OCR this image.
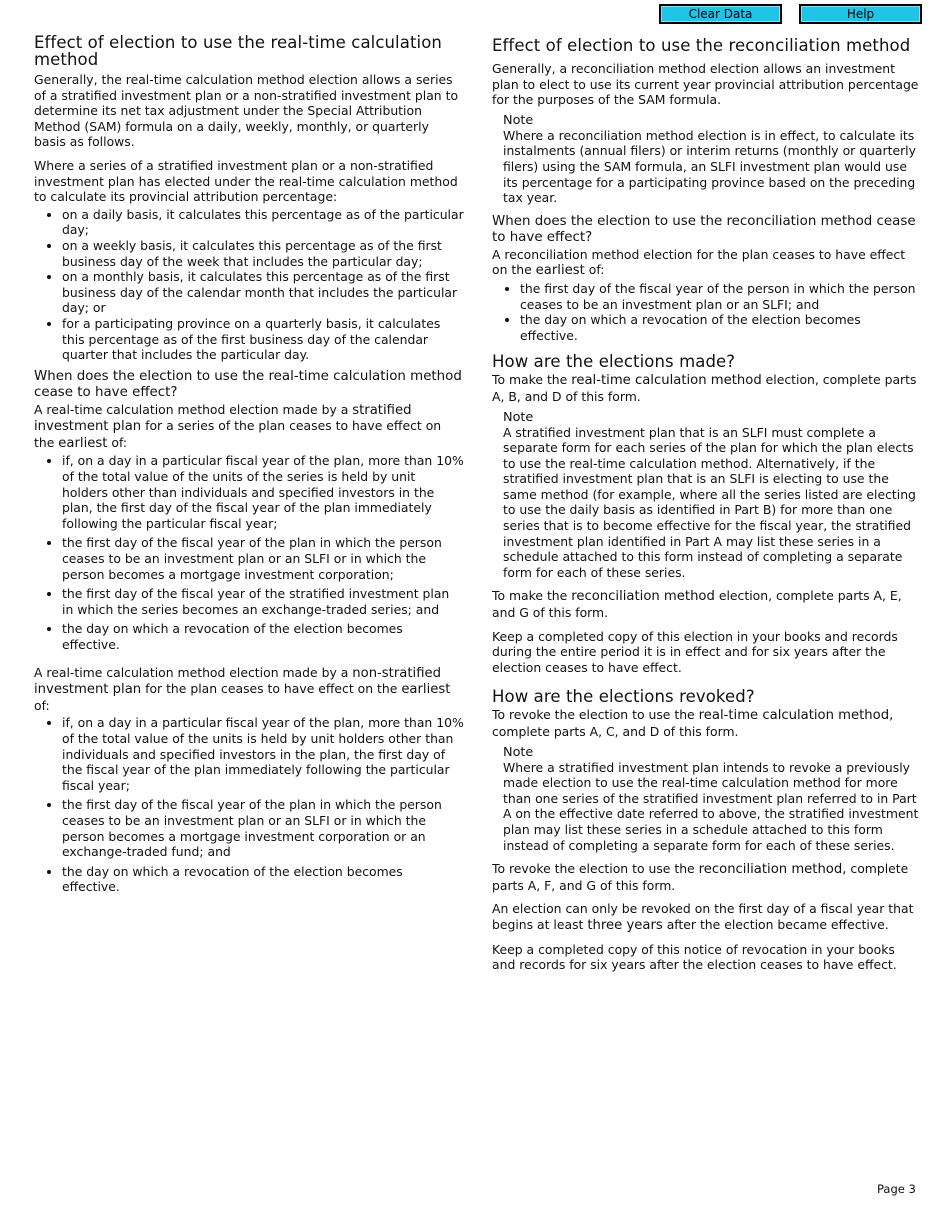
Clear Data	Help
Effect of election to use the real-time calculation method

Generally, the real-time calculation method election allows a series of a stratified investment plan or a non-stratified investment plan to determine its net tax adjustment under the Special Attribution Method (SAM) formula on a daily, weekly, monthly, or quarterly basis as follows.

Where a series of a stratified investment plan or a non-stratified investment plan has elected under the real-time calculation method to calculate its provincial attribution percentage:

• on a daily basis, it calculates this percentage as of the particular day;
• on a weekly basis, it calculates this percentage as of the first business day of the week that includes the particular day;
• on a monthly basis, it calculates this percentage as of the first business day of the calendar month that includes the particular day; or
• for a participating province on a quarterly basis, it calculates this percentage as of the first business day of the calendar quarter that includes the particular day.
When does the election to use the real-time calculation method cease to have effect?

A real-time calculation method election made by a stratified investment plan for a series of the plan ceases to have effect on the earliest of:

• if, on a day in a particular fiscal year of the plan, more than 10% of the total value of the units of the series is held by unit holders other than individuals and specified investors in the plan, the first day of the fiscal year of the plan immediately following the particular fiscal year;
• the first day of the fiscal year of the plan in which the person ceases to be an investment plan or an SLFI or in which the person becomes a mortgage investment corporation;
• the first day of the fiscal year of the stratified investment plan in which the series becomes an exchange-traded series; and
• the day on which a revocation of the election becomes effective.

A real-time calculation method election made by a non-stratified investment plan for the plan ceases to have effect on the earliest of:

• if, on a day in a particular fiscal year of the plan, more than 10% of the total value of the units is held by unit holders other than individuals and specified investors in the plan, the first day of the fiscal year of the plan immediately following the particular fiscal year;
• the first day of the fiscal year of the plan in which the person ceases to be an investment plan or an SLFI or in which the person becomes a mortgage investment corporation or an exchange-traded fund; and
• the day on which a revocation of the election becomes effective.
Effect of election to use the reconciliation method

Generally, a reconciliation method election allows an investment plan to elect to use its current year provincial attribution percentage for the purposes of the SAM formula.

Note

Where a reconciliation method election is in effect, to calculate its instalments (annual filers) or interim returns (monthly or quarterly filers) using the SAM formula, an SLFI investment plan would use its percentage for a participating province based on the preceding tax year.

When does the election to use the reconciliation method cease to have effect?

A reconciliation method election for the plan ceases to have effect on the earliest of:

• the first day of the fiscal year of the person in which the person ceases to be an investment plan or an SLFI; and
• the day on which a revocation of the election becomes effective.
How are the elections made?

To make the real-time calculation method election, complete parts A, B, and D of this form.

Note

A stratified investment plan that is an SLFI must complete a separate form for each series of the plan for which the plan elects to use the real-time calculation method. Alternatively, if the stratified investment plan that is an SLFI is electing to use the same method (for example, where all the series listed are electing to use the daily basis as identified in Part B) for more than one series that is to become effective for the fiscal year, the stratified investment plan identified in Part A may list these series in a schedule attached to this form instead of completing a separate form for each of these series.

To make the reconciliation method election, complete parts A, E, and G of this form.

Keep a completed copy of this election in your books and records during the entire period it is in effect and for six years after the election ceases to have effect.

How are the elections revoked?

To revoke the election to use the real-time calculation method, complete parts A, C, and D of this form.

Note

Where a stratified investment plan intends to revoke a previously made election to use the real-time calculation method for more than one series of the stratified investment plan referred to in Part A on the effective date referred to above, the stratified investment plan may list these series in a schedule attached to this form instead of completing a separate form for each of these series.

To revoke the election to use the reconciliation method, complete parts A, F, and G of this form.

An election can only be revoked on the first day of a fiscal year that begins at least three years after the election became effective.

Keep a completed copy of this notice of revocation in your books and records for six years after the election ceases to have effect.

Page 3
